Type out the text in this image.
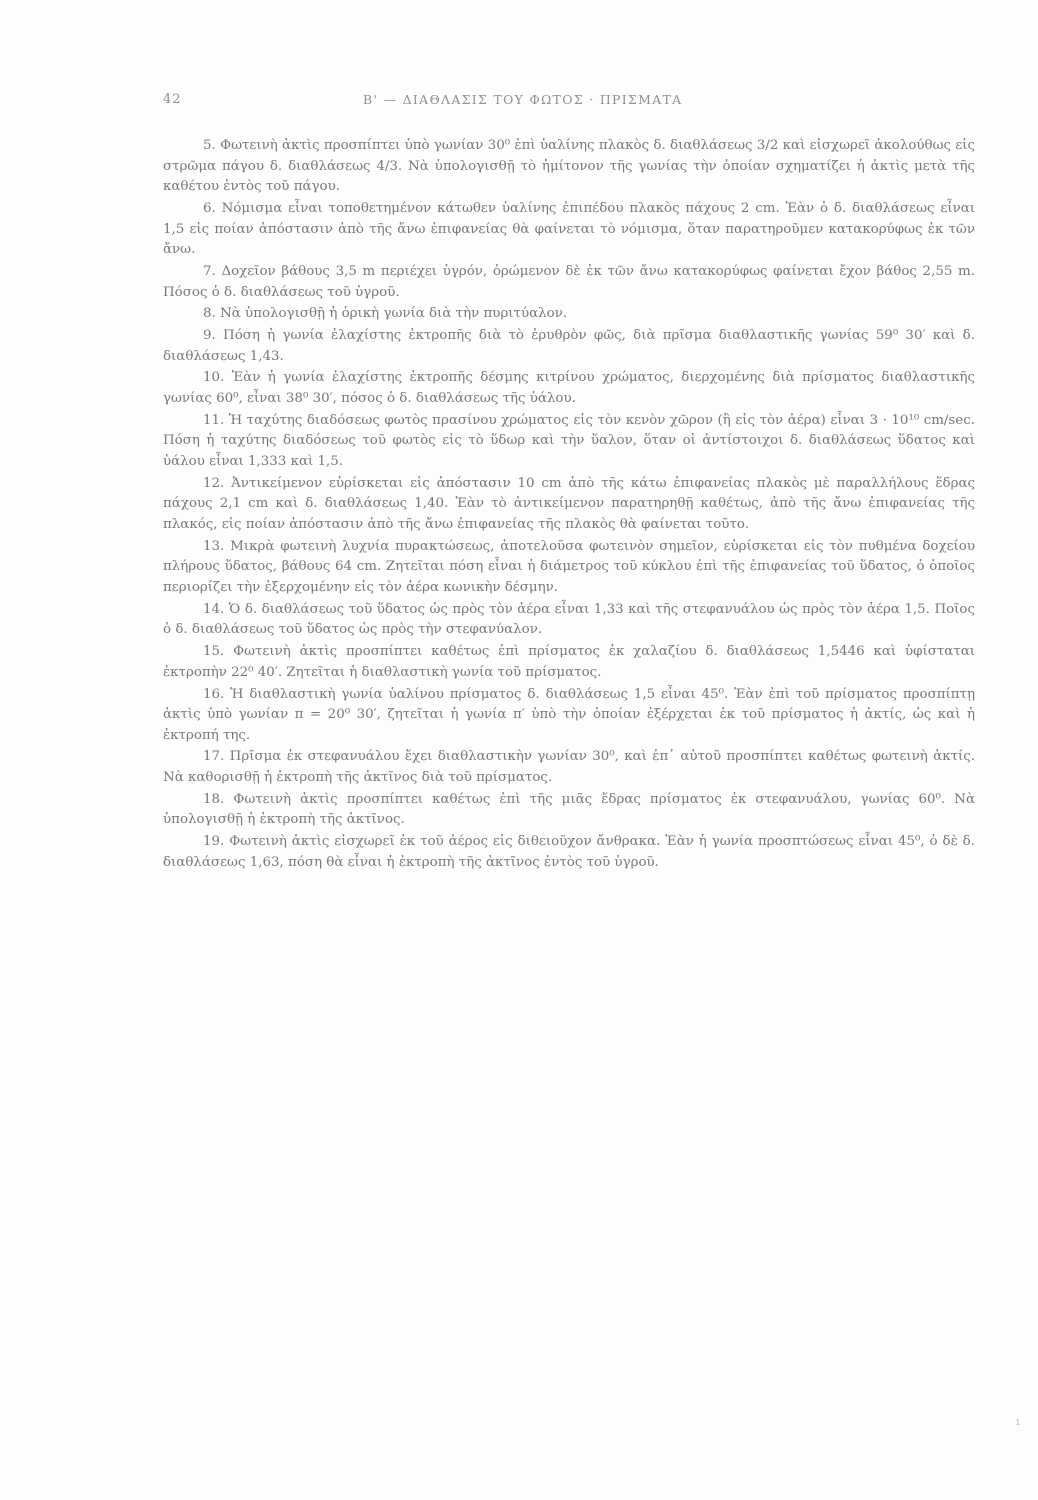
42	Β' — ΔΙΑΘΛΑΣΙΣ ΤΟΥ ΦΩΤΟΣ · ΠΡΙΣΜΑΤΑ

5. Φωτεινὴ ἀκτὶς προσπίπτει ὑπὸ γωνίαν 30⁰ ἐπὶ ὑαλίνης πλακὸς δ. διαθλάσεως 3/2 καὶ εἰσχωρεῖ ἀκολούθως εἰς στρῶμα πάγου δ. διαθλάσεως 4/3. Νὰ ὑπολογισθῇ τὸ ἡμίτονον τῆς γωνίας τὴν ὁποίαν σχηματίζει ἡ ἀκτὶς μετὰ τῆς καθέτου ἐντὸς τοῦ πάγου.

6. Νόμισμα εἶναι τοποθετημένον κάτωθεν ὑαλίνης ἐπιπέδου πλακὸς πάχους 2 cm. Ἐὰν ὁ δ. διαθλάσεως εἶναι 1,5 εἰς ποίαν ἀπόστασιν ἀπὸ τῆς ἄνω ἐπιφανείας θὰ φαίνεται τὸ νόμισμα, ὅταν παρατηροῦμεν κατακορύφως ἐκ τῶν ἄνω.

7. Δοχεῖον βάθους 3,5 m περιέχει ὑγρόν, ὁρώμενον δὲ ἐκ τῶν ἄνω κατακορύφως φαίνεται ἔχον βάθος 2,55 m. Πόσος ὁ δ. διαθλάσεως τοῦ ὑγροῦ.

8. Νὰ ὑπολογισθῇ ἡ ὁρικὴ γωνία διὰ τὴν πυριτύαλον.

9. Πόση ἡ γωνία ἐλαχίστης ἐκτροπῆς διὰ τὸ ἐρυθρὸν φῶς, διὰ πρῖσμα διαθλαστικῆς γωνίας 59⁰ 30′ καὶ δ. διαθλάσεως 1,43.

10. Ἐὰν ἡ γωνία ἐλαχίστης ἐκτροπῆς δέσμης κιτρίνου χρώματος, διερχομένης διὰ πρίσματος διαθλαστικῆς γωνίας 60⁰, εἶναι 38⁰ 30′, πόσος ὁ δ. διαθλάσεως τῆς ὑάλου.

11. Ἡ ταχύτης διαδόσεως φωτὸς πρασίνου χρώματος εἰς τὸν κενὸν χῶρον (ἢ εἰς τὸν ἀέρα) εἶναι 3 · 10¹⁰ cm/sec. Πόση ἡ ταχύτης διαδόσεως τοῦ φωτὸς εἰς τὸ ὕδωρ καὶ τὴν ὕαλον, ὅταν οἱ ἀντίστοιχοι δ. διαθλάσεως ὕδατος καὶ ὑάλου εἶναι 1,333 καὶ 1,5.

12. Ἀντικείμενον εὑρίσκεται εἰς ἀπόστασιν 10 cm ἀπὸ τῆς κάτω ἐπιφανείας πλακὸς μὲ παραλλήλους ἕδρας πάχους 2,1 cm καὶ δ. διαθλάσεως 1,40. Ἐὰν τὸ ἀντικείμενον παρατηρηθῇ καθέτως, ἀπὸ τῆς ἄνω ἐπιφανείας τῆς πλακός, εἰς ποίαν ἀπόστασιν ἀπὸ τῆς ἄνω ἐπιφανείας τῆς πλακὸς θὰ φαίνεται τοῦτο.

13. Μικρὰ φωτεινὴ λυχνία πυρακτώσεως, ἀποτελοῦσα φωτεινὸν σημεῖον, εὑρίσκεται εἰς τὸν πυθμένα δοχείου πλήρους ὕδατος, βάθους 64 cm. Ζητεῖται πόση εἶναι ἡ διάμετρος τοῦ κύκλου ἐπὶ τῆς ἐπιφανείας τοῦ ὕδατος, ὁ ὁποῖος περιορίζει τὴν ἐξερχομένην εἰς τὸν ἀέρα κωνικὴν δέσμην.

14. Ὁ δ. διαθλάσεως τοῦ ὕδατος ὡς πρὸς τὸν ἀέρα εἶναι 1,33 καὶ τῆς στεφανυάλου ὡς πρὸς τὸν ἀέρα 1,5. Ποῖος ὁ δ. διαθλάσεως τοῦ ὕδατος ὡς πρὸς τὴν στεφανύαλον.

15. Φωτεινὴ ἀκτὶς προσπίπτει καθέτως ἐπὶ πρίσματος ἐκ χαλαζίου δ. διαθλάσεως 1,5446 καὶ ὑφίσταται ἐκτροπὴν 22⁰ 40′. Ζητεῖται ἡ διαθλαστικὴ γωνία τοῦ πρίσματος.

16. Ἡ διαθλαστικὴ γωνία ὑαλίνου πρίσματος δ. διαθλάσεως 1,5 εἶναι 45⁰. Ἐὰν ἐπὶ τοῦ πρίσματος προσπίπτῃ ἀκτὶς ὑπὸ γωνίαν π = 20⁰ 30′, ζητεῖται ἡ γωνία π′ ὑπὸ τὴν ὁποίαν ἐξέρχεται ἐκ τοῦ πρίσματος ἡ ἀκτίς, ὡς καὶ ἡ ἐκτροπή της.

17. Πρῖσμα ἐκ στεφανυάλου ἔχει διαθλαστικὴν γωνίαν 30⁰, καὶ ἐπ᾿ αὐτοῦ προσπίπτει καθέτως φωτεινὴ ἀκτίς. Νὰ καθορισθῇ ἡ ἐκτροπὴ τῆς ἀκτῖνος διὰ τοῦ πρίσματος.

18. Φωτεινὴ ἀκτὶς προσπίπτει καθέτως ἐπὶ τῆς μιᾶς ἕδρας πρίσματος ἐκ στεφανυάλου, γωνίας 60⁰. Νὰ ὑπολογισθῇ ἡ ἐκτροπὴ τῆς ἀκτῖνος.

19. Φωτεινὴ ἀκτὶς εἰσχωρεῖ ἐκ τοῦ ἀέρος εἰς διθειοῦχον ἄνθρακα. Ἐὰν ἡ γωνία προσπτώσεως εἶναι 45⁰, ὁ δὲ δ. διαθλάσεως 1,63, πόση θὰ εἶναι ἡ ἐκτροπὴ τῆς ἀκτῖνος ἐντὸς τοῦ ὑγροῦ.

ı
